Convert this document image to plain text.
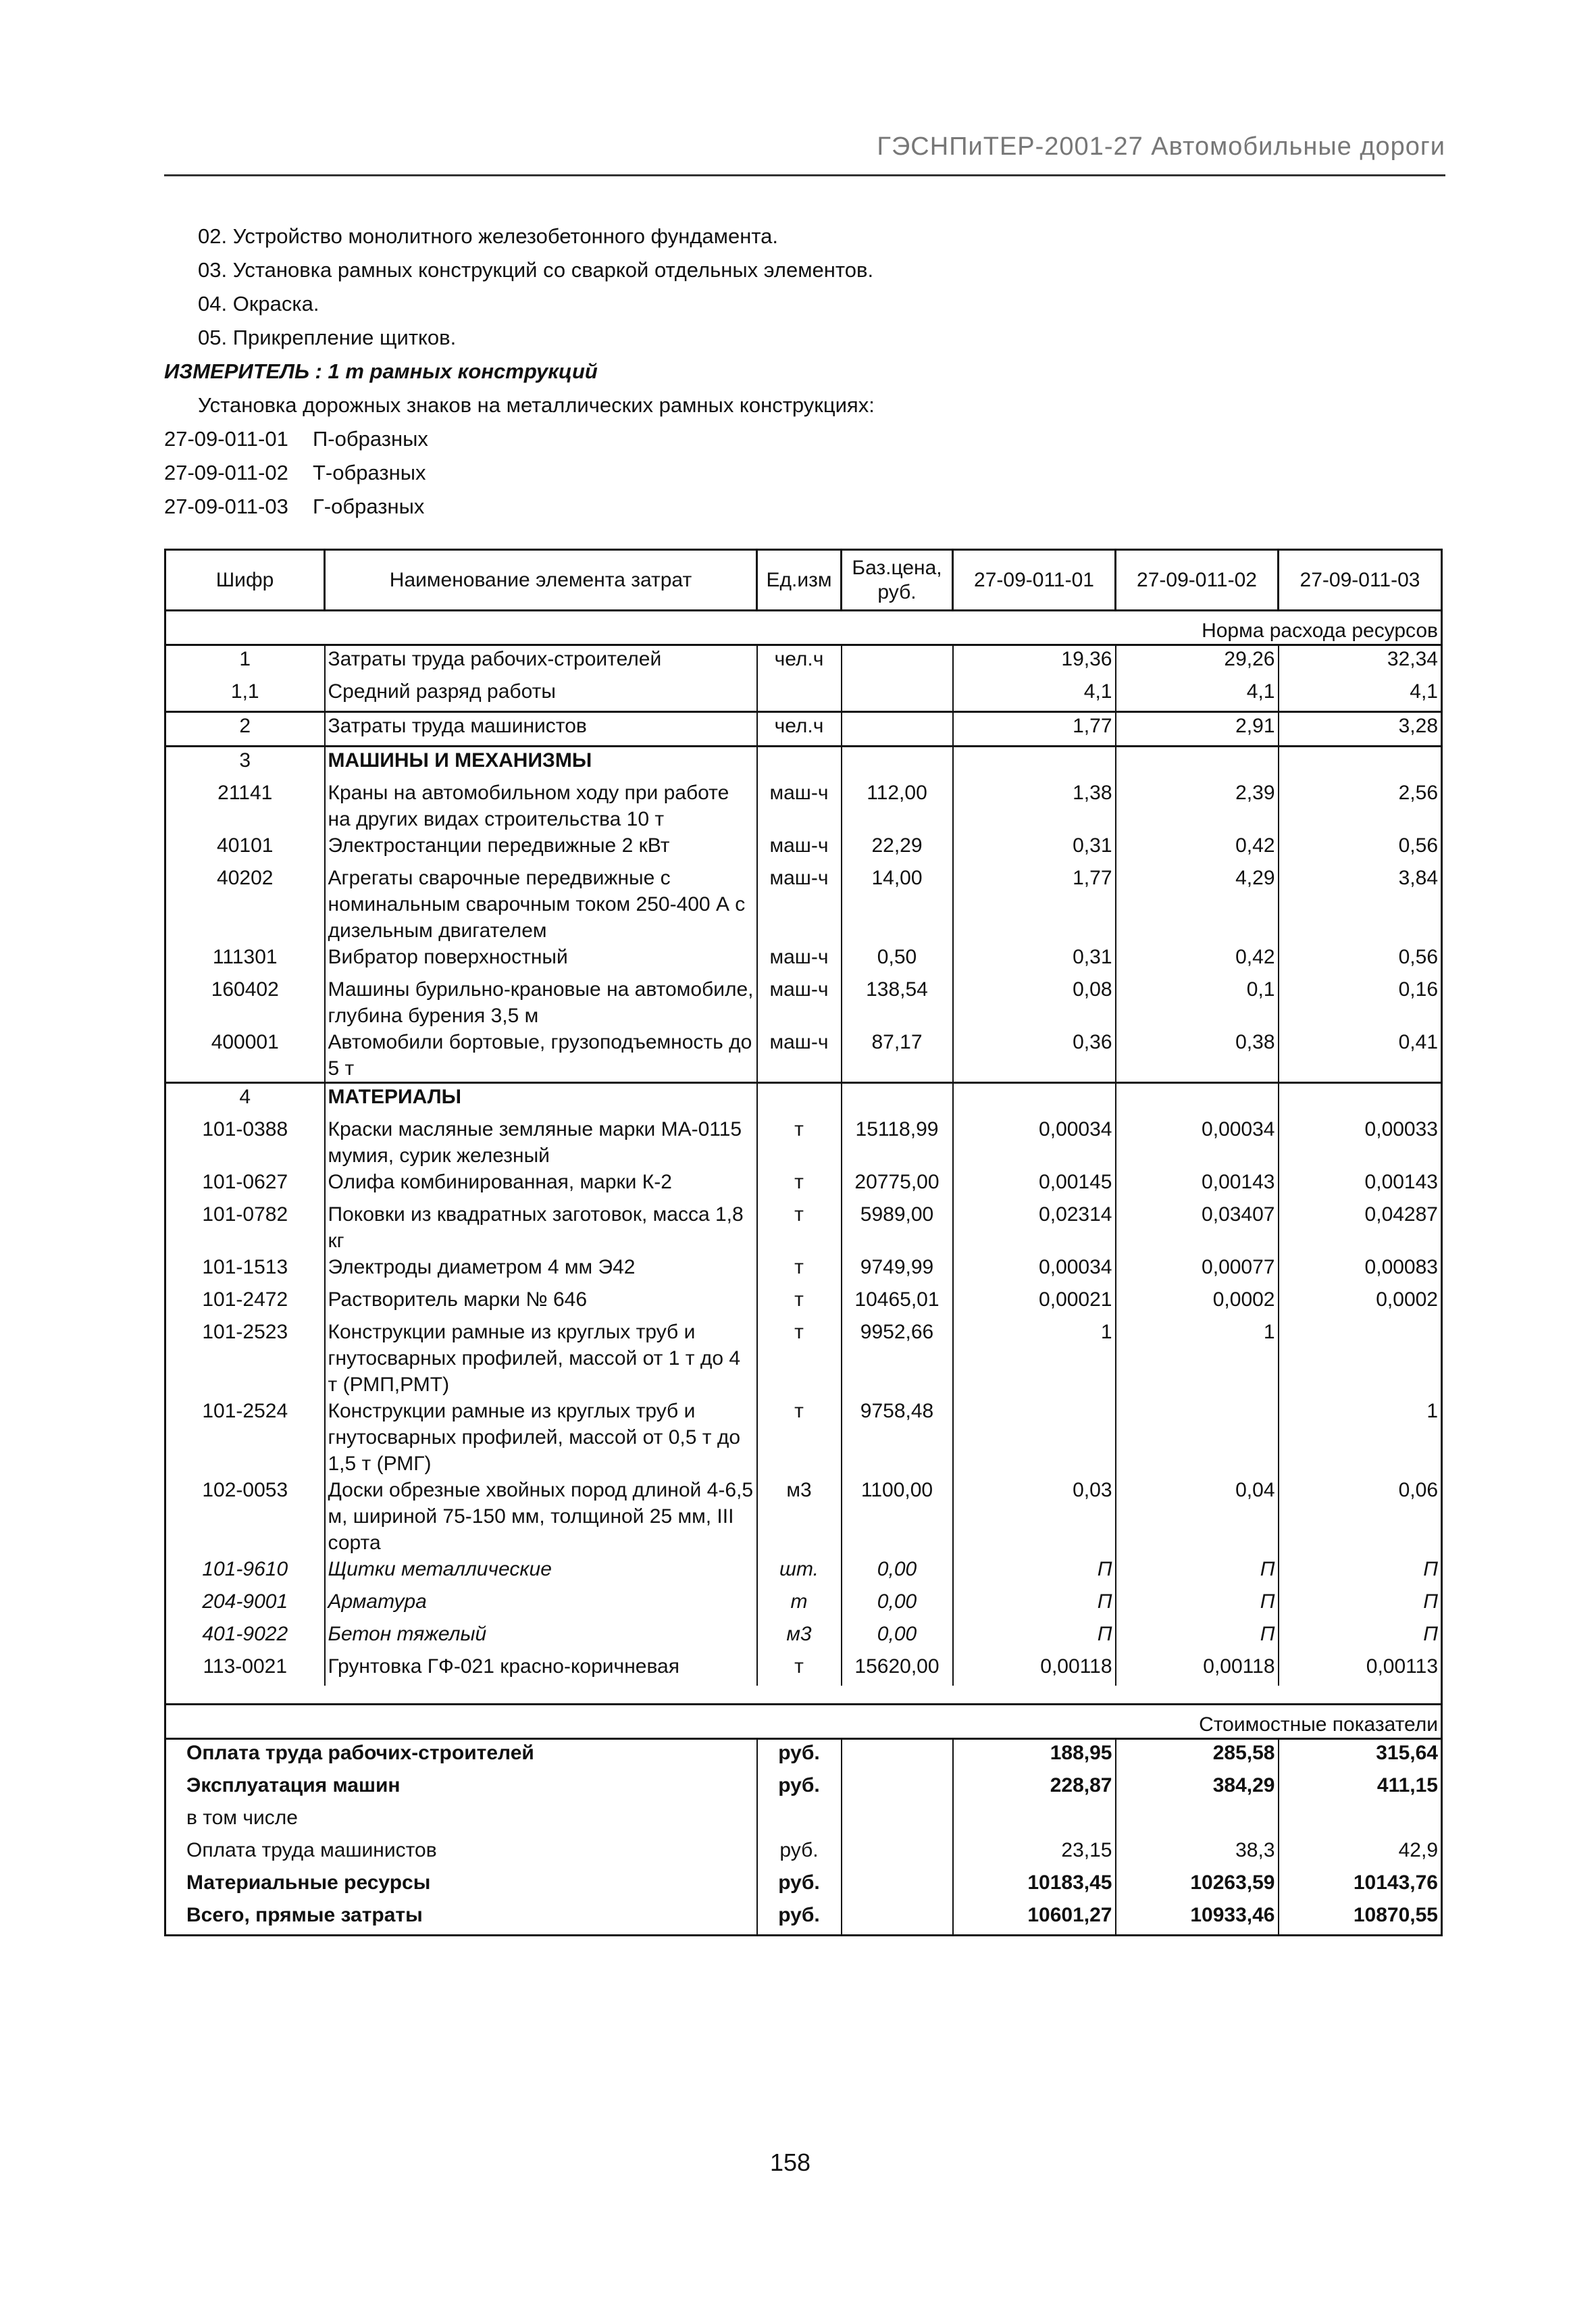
ГЭСНПиТЕР-2001-27 Автомобильные дороги
02. Устройство монолитного железобетонного фундамента.
03. Установка рамных конструкций со сваркой отдельных элементов.
04. Окраска.
05. Прикрепление щитков.
ИЗМЕРИТЕЛЬ : 1 т рамных конструкций
Установка дорожных знаков на металлических рамных конструкциях:
27-09-011-01	П-образных
27-09-011-02	Т-образных
27-09-011-03	Г-образных
Шифр	Наименование элемента затрат	Ед.изм	Баз.цена, руб.	27-09-011-01	27-09-011-02	27-09-011-03
Норма расхода ресурсов						
1	Затраты труда рабочих-строителей	чел.ч		19,36	29,26	32,34
1,1	Средний разряд работы			4,1	4,1	4,1
2	Затраты труда машинистов	чел.ч		1,77	2,91	3,28
3	МАШИНЫ И МЕХАНИЗМЫ					
21141	Краны на автомобильном ходу при работе на других видах строительства 10 т	маш-ч	112,00	1,38	2,39	2,56
40101	Электростанции передвижные 2 кВт	маш-ч	22,29	0,31	0,42	0,56
40202	Агрегаты сварочные передвижные с номинальным сварочным током 250-400 А с дизельным двигателем	маш-ч	14,00	1,77	4,29	3,84
111301	Вибратор поверхностный	маш-ч	0,50	0,31	0,42	0,56
160402	Машины бурильно-крановые на автомобиле, глубина бурения 3,5 м	маш-ч	138,54	0,08	0,1	0,16
400001	Автомобили бортовые, грузоподъемность до 5 т	маш-ч	87,17	0,36	0,38	0,41
4	МАТЕРИАЛЫ					
101-0388	Краски масляные земляные марки МА-0115 мумия, сурик железный	т	15118,99	0,00034	0,00034	0,00033
101-0627	Олифа комбинированная, марки К-2	т	20775,00	0,00145	0,00143	0,00143
101-0782	Поковки из квадратных заготовок, масса 1,8 кг	т	5989,00	0,02314	0,03407	0,04287
101-1513	Электроды диаметром 4 мм Э42	т	9749,99	0,00034	0,00077	0,00083
101-2472	Растворитель марки № 646	т	10465,01	0,00021	0,0002	0,0002
101-2523	Конструкции рамные из круглых труб и гнутосварных профилей, массой от 1 т до 4 т (РМП,РМТ)	т	9952,66	1	1	
101-2524	Конструкции рамные из круглых труб и гнутосварных профилей, массой от 0,5 т до 1,5 т (РМГ)	т	9758,48			1
102-0053	Доски обрезные хвойных пород длиной 4-6,5 м, шириной 75-150 мм, толщиной 25 мм, III сорта	м3	1100,00	0,03	0,04	0,06
101-9610	Щитки металлические	шт.	0,00	П	П	П
204-9001	Арматура	т	0,00	П	П	П
401-9022	Бетон тяжелый	м3	0,00	П	П	П
113-0021	Грунтовка ГФ-021 красно-коричневая	т	15620,00	0,00118	0,00118	0,00113

Стоимостные показатели						
Оплата труда рабочих-строителей		руб.		188,95	285,58	315,64
Эксплуатация машин		руб.		228,87	384,29	411,15
в том числе						
Оплата труда машинистов		руб.		23,15	38,3	42,9
Материальные ресурсы		руб.		10183,45	10263,59	10143,76
Всего, прямые затраты		руб.		10601,27	10933,46	10870,55
158
